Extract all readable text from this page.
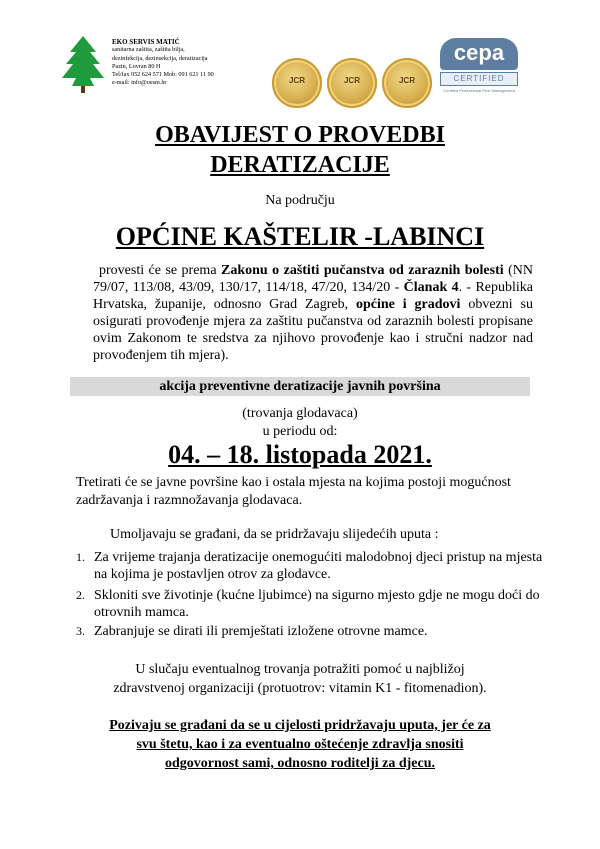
EKO SERVIS MATIĆ
sanitarna zaštita, zaštita bilja,
dezinfekcija, dezinsekcija, deratizacija
Pazin, Lovran 80 H
Tel/fax 052 624 571 Mob: 091 621 11 90
e-mail: info@oesm.hr	JCR	JCR	JCR
cepa
CERTIFIED
Certified Professional Pest Management
OBAVIJEST O PROVEDBI
DERATIZACIJE
Na području
OPĆINE KAŠTELIR -LABINCI
provesti će se prema Zakonu o zaštiti pučanstva od zaraznih bolesti (NN 79/07, 113/08, 43/09, 130/17, 114/18, 47/20, 134/20 - Članak 4. - Republika Hrvatska, županije, odnosno Grad Zagreb, općine i gradovi obvezni su osigurati provođenje mjera za zaštitu pučanstva od zaraznih bolesti propisane ovim Zakonom te sredstva za njihovo provođenje kao i stručni nadzor nad provođenjem tih mjera).
akcija preventivne deratizacije javnih površina
(trovanja glodavaca)
u periodu od:
04. – 18. listopada 2021.
Tretirati će se javne površine kao i ostala mjesta na kojima postoji mogućnost zadržavanja i razmnožavanja glodavaca.
Umoljavaju se građani, da se pridržavaju slijedećih uputa :
1. Za vrijeme trajanja deratizacije onemogućiti malodobnoj djeci pristup na mjesta na kojima je postavljen otrov za glodavce.
2. Skloniti sve životinje (kućne ljubimce) na sigurno mjesto gdje ne mogu doći do otrovnih mamca.
3. Zabranjuje se dirati ili premještati izložene otrovne mamce.
U slučaju eventualnog trovanja potražiti pomoć u najbližoj
zdravstvenoj organizaciji (protuotrov: vitamin K1 - fitomenadion).
Pozivaju se građani da se u cijelosti pridržavaju uputa, jer će za
svu štetu, kao i za eventualno oštećenje zdravlja snositi
odgovornost sami, odnosno roditelji za djecu.
